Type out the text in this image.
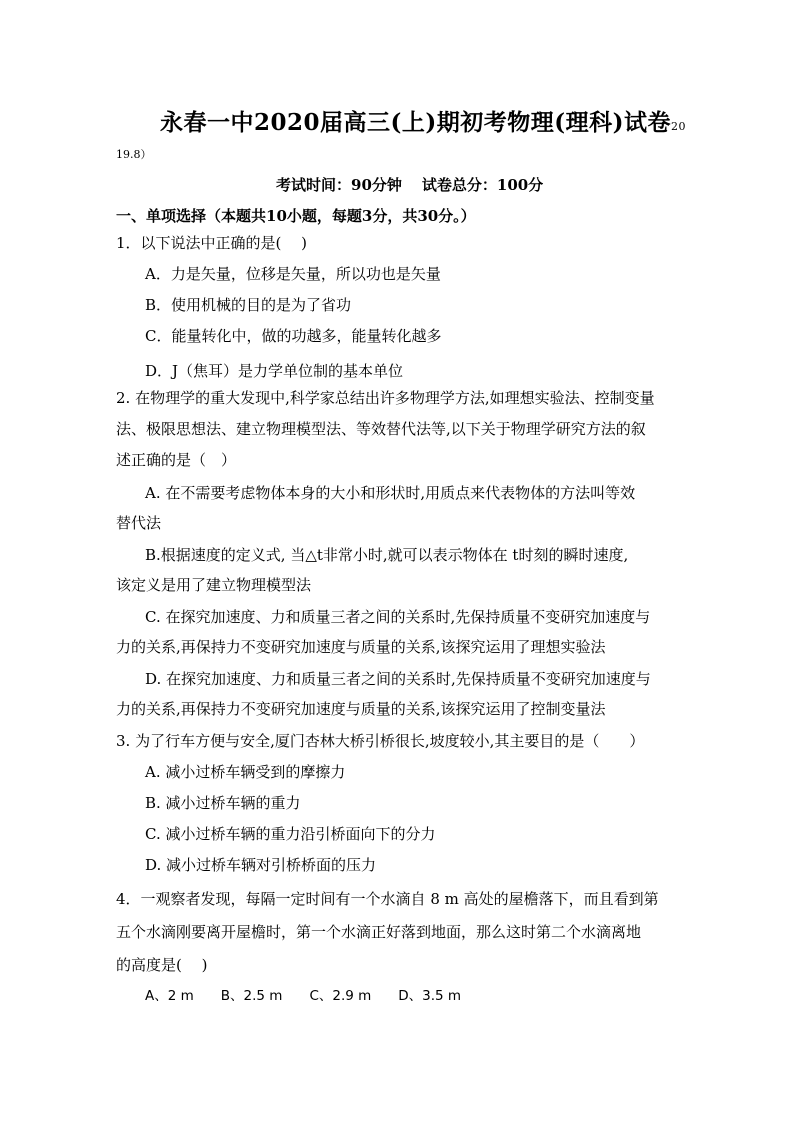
永春一中2020届高三(上)期初考物理(理科)试卷20
19.8）
考试时间：90分钟 试卷总分：100分
一、单项选择（本题共10小题，每题3分，共30分。）
1．以下说法中正确的是(　 )
A．力是矢量，位移是矢量，所以功也是矢量
B．使用机械的目的是为了省功
C．能量转化中，做的功越多，能量转化越多
D．J（焦耳）是力学单位制的基本单位
2. 在物理学的重大发现中,科学家总结出许多物理学方法,如理想实验法、控制变量
法、极限思想法、建立物理模型法、等效替代法等,以下关于物理学研究方法的叙
述正确的是（　）
A. 在不需要考虑物体本身的大小和形状时,用质点来代表物体的方法叫等效
替代法
B.根据速度的定义式, 当△t非常小时,就可以表示物体在 t时刻的瞬时速度,
该定义是用了建立物理模型法
C. 在探究加速度、力和质量三者之间的关系时,先保持质量不变研究加速度与
力的关系,再保持力不变研究加速度与质量的关系,该探究运用了理想实验法
D. 在探究加速度、力和质量三者之间的关系时,先保持质量不变研究加速度与
力的关系,再保持力不变研究加速度与质量的关系,该探究运用了控制变量法
3. 为了行车方便与安全,厦门杏林大桥引桥很长,坡度较小,其主要目的是（　　）
A. 减小过桥车辆受到的摩擦力
B. 减小过桥车辆的重力
C. 减小过桥车辆的重力沿引桥面向下的分力
D. 减小过桥车辆对引桥桥面的压力
4．一观察者发现，每隔一定时间有一个水滴自 8 m 高处的屋檐落下，而且看到第
五个水滴刚要离开屋檐时，第一个水滴正好落到地面，那么这时第二个水滴离地
的高度是(　 )
A、2 m　　B、2.5 m　　C、2.9 m　　D、3.5 m
